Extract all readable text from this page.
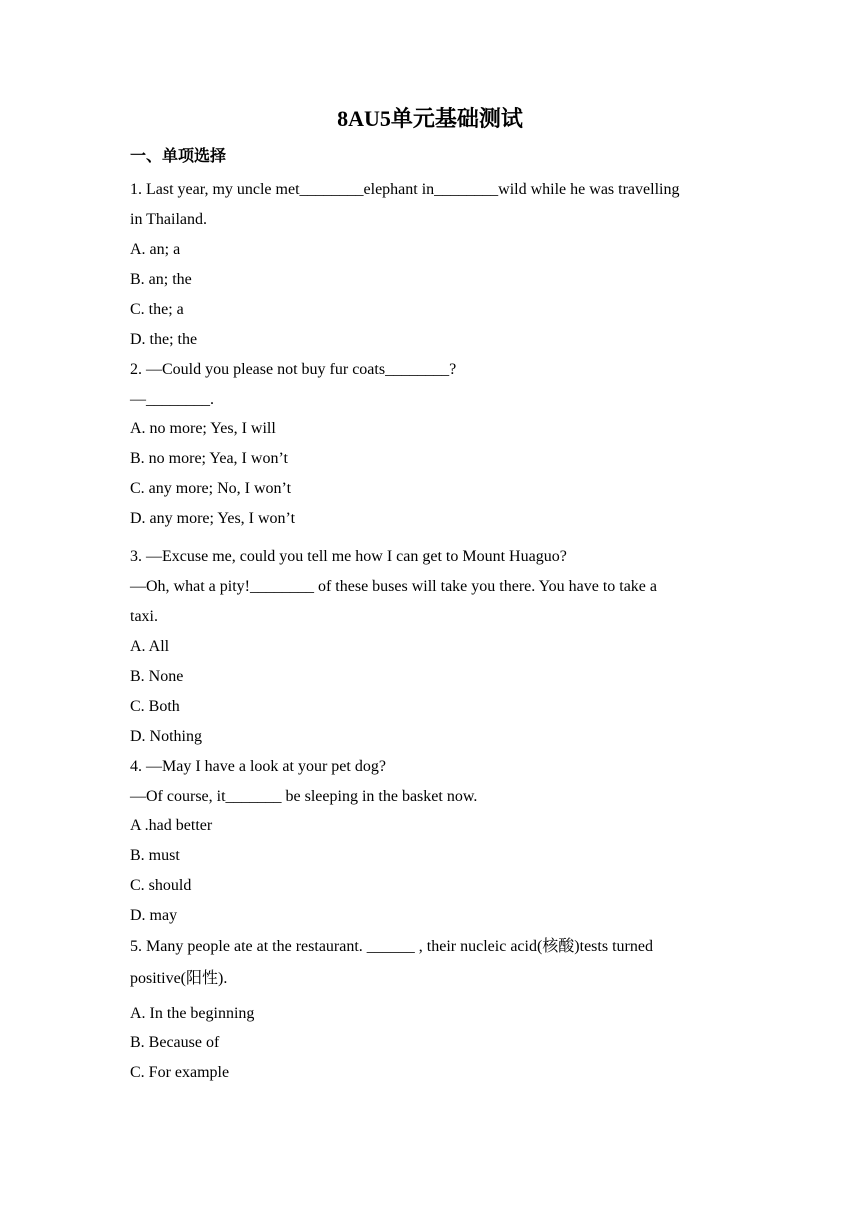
8AU5单元基础测试
一、单项选择
1. Last year, my uncle met________elephant in________wild while he was travelling
in Thailand.
A. an; a
B. an; the
C. the; a
D. the; the
2. —Could you please not buy fur coats________?
—________.
A. no more; Yes, I will
B. no more; Yea, I won’t
C. any more; No, I won’t
D. any more; Yes, I won’t
3. —Excuse me, could you tell me how I can get to Mount Huaguo?
—Oh, what a pity!________ of these buses will take you there. You have to take a
taxi.
A. All
B. None
C. Both
D. Nothing
4. —May I have a look at your pet dog?
—Of course, it_______ be sleeping in the basket now.
A .had better
B. must
C. should
D. may
5. Many people ate at the restaurant. ______ , their nucleic acid(核酸)tests turned
positive(阳性).
A. In the beginning
B. Because of
C. For example
